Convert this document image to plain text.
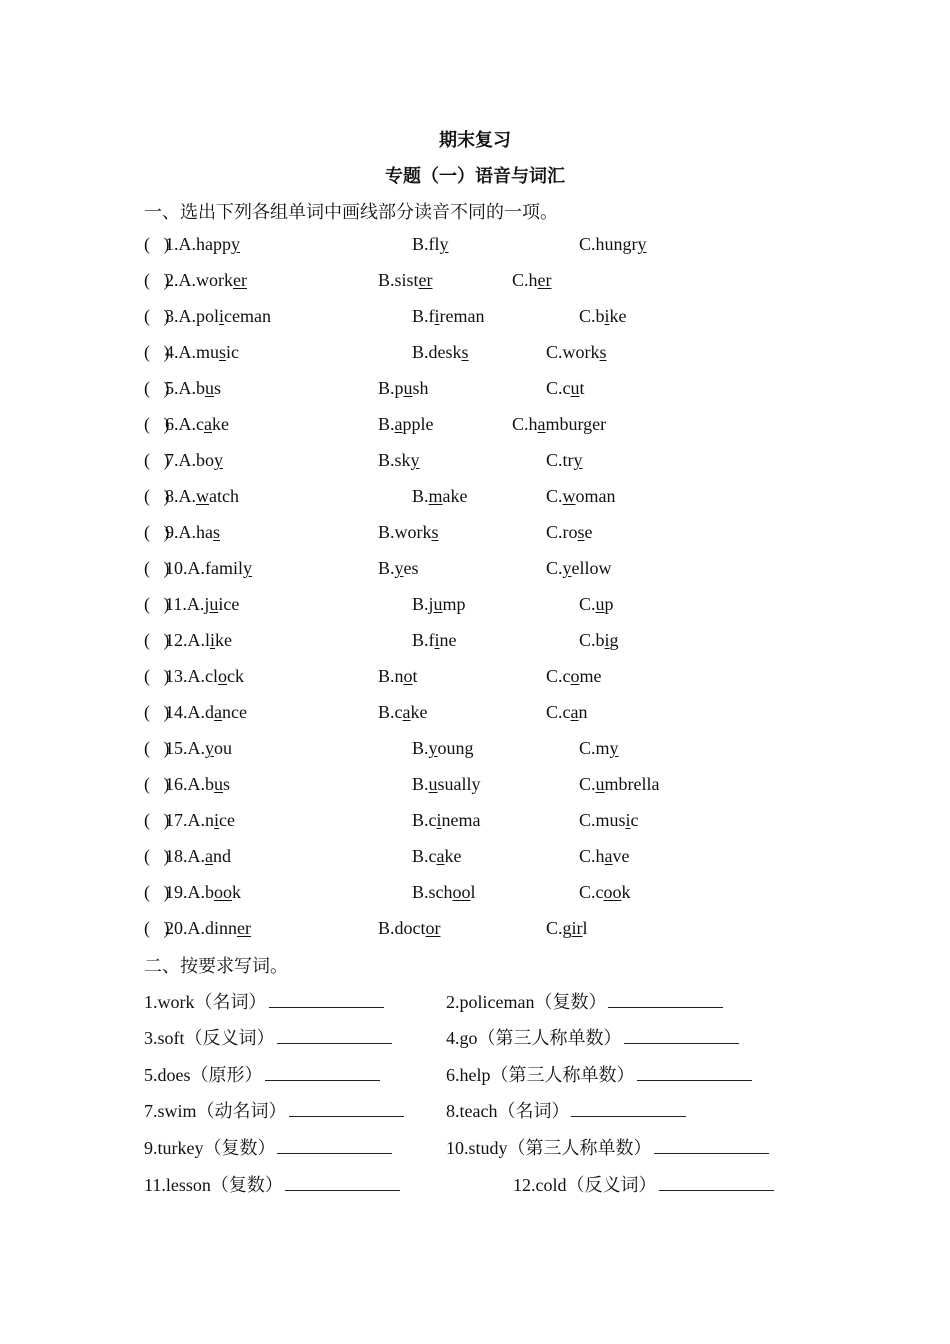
期末复习
专题（一）语音与词汇
一、选出下列各组单词中画线部分读音不同的一项。
(   )
1.A.happy	B.fly	C.hungry
(   )
2.A.worker	B.sister	C.her
(   )
3.A.policeman	B.fireman	C.bike
(   )
4.A.music	B.desks	C.works
(   )
5.A.bus	B.push	C.cut
(   )
6.A.cake	B.apple	C.hamburger
(   )
7.A.boy	B.sky	C.try
(   )
8.A.watch	B.make	C.woman
(   )
9.A.has	B.works	C.rose
(   )
10.A.family	B.yes	C.yellow
(   )
11.A.juice	B.jump	C.up
(   )
12.A.like	B.fine	C.big
(   )
13.A.clock	B.not	C.come
(   )
14.A.dance	B.cake	C.can
(   )
15.A.you	B.young	C.my
(   )
16.A.bus	B.usually	C.umbrella
(   )
17.A.nice	B.cinema	C.music
(   )
18.A.and	B.cake	C.have
(   )
19.A.book	B.school	C.cook
(   )
20.A.dinner	B.doctor	C.girl
二、按要求写词。
1.work（名词）	2.policeman（复数）
3.soft（反义词）	4.go（第三人称单数）
5.does（原形）	6.help（第三人称单数）
7.swim（动名词）	8.teach（名词）
9.turkey（复数）	10.study（第三人称单数）
11.lesson（复数）	12.cold（反义词）
